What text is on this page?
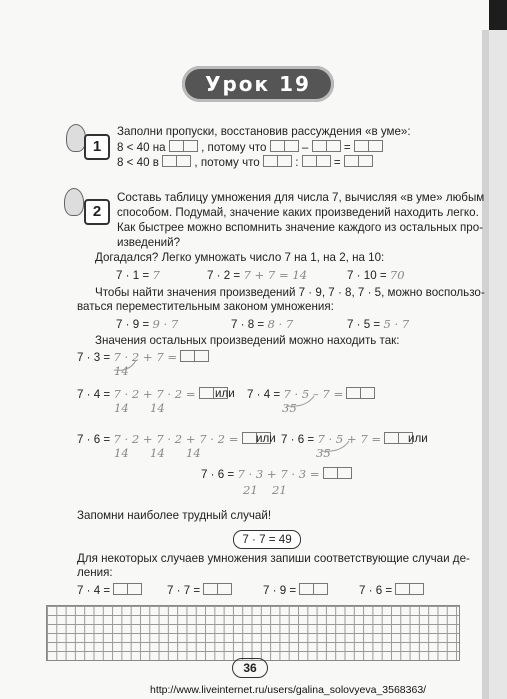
Урок 19
1
Заполни пропуски, восстановив рассуждения «в уме»:
8 < 40 на	, потому что	–	=
8 < 40 в	, потому что	:	=
2
Составь таблицу умножения для числа 7, вычисляя «в уме» любым
способом. Подумай, значение каких произведений находить легко.
Как быстрее можно вспомнить значение каждого из остальных про-
изведений?
Догадался? Легко умножать число 7 на 1, на 2, на 10:
7 · 1 = 7	7 · 2 = 7 + 7 = 14	7 · 10 = 70
Чтобы найти значения произведений 7 · 9, 7 · 8, 7 · 5, можно воспользо-
ваться переместительным законом умножения:
7 · 9 = 9 · 7	7 · 8 = 8 · 7	7 · 5 = 5 · 7
Значения остальных произведений можно находить так:
7 · 3 = 7 · 2 + 7 =
14
7 · 4 = 7 · 2 + 7 · 2 =
14 14
или 7 · 4 = 7 · 5 – 7 =
35
7 · 6 = 7 · 2 + 7 · 2 + 7 · 2 =
14 14 14
или 7 · 6 = 7 · 5 + 7 =
35
или
7 · 6 = 7 · 3 + 7 · 3 =
21 21
Запомни наиболее трудный случай!
7 · 7 = 49
Для некоторых случаев умножения запиши соответствующие случаи де-
ления:
7 · 4 =	7 · 7 =	7 · 9 =	7 · 6 =
36
http://www.liveinternet.ru/users/galina_solovyeva_3568363/
